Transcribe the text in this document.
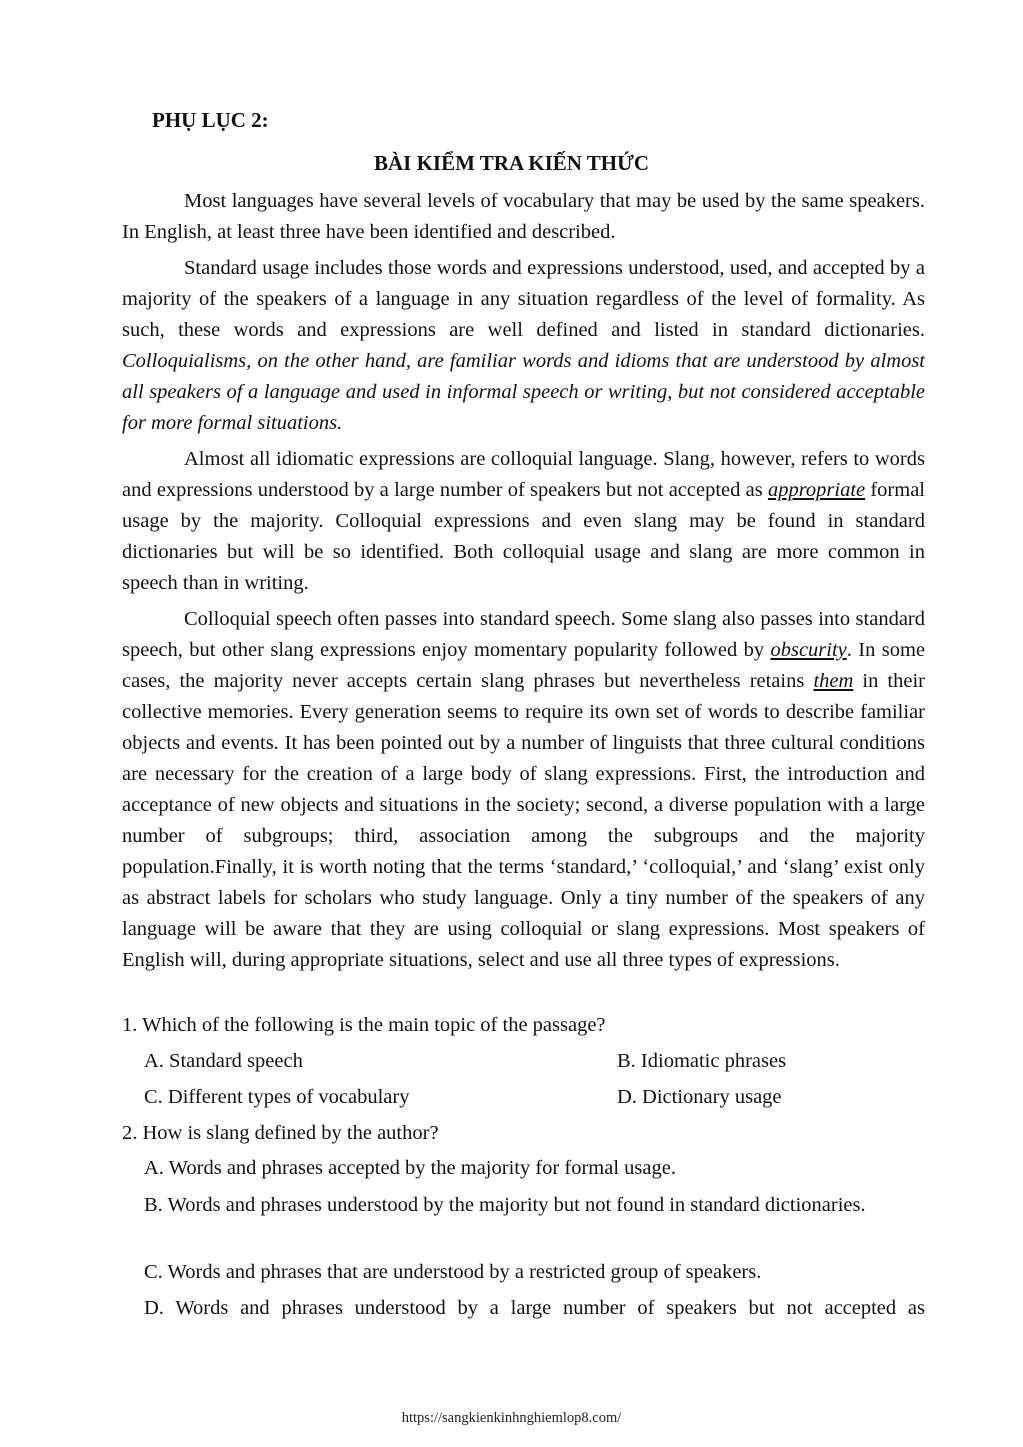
PHỤ LỤC 2:
BÀI KIỂM TRA KIẾN THỨC

Most languages have several levels of vocabulary that may be used by the same speakers. In English, at least three have been identified and described.

Standard usage includes those words and expressions understood, used, and accepted by a majority of the speakers of a language in any situation regardless of the level of formality. As such, these words and expressions are well defined and listed in standard dictionaries. Colloquialisms, on the other hand, are familiar words and idioms that are understood by almost all speakers of a language and used in informal speech or writing, but not considered acceptable for more formal situations.

Almost all idiomatic expressions are colloquial language. Slang, however, refers to words and expressions understood by a large number of speakers but not accepted as appropriate formal usage by the majority. Colloquial expressions and even slang may be found in standard dictionaries but will be so identified. Both colloquial usage and slang are more common in speech than in writing.

Colloquial speech often passes into standard speech. Some slang also passes into standard speech, but other slang expressions enjoy momentary popularity followed by obscurity. In some cases, the majority never accepts certain slang phrases but nevertheless retains them in their collective memories. Every generation seems to require its own set of words to describe familiar objects and events. It has been pointed out by a number of linguists that three cultural conditions are necessary for the creation of a large body of slang expressions. First, the introduction and acceptance of new objects and situations in the society; second, a diverse population with a large number of subgroups; third, association among the subgroups and the majority population.Finally, it is worth noting that the terms ‘standard,’ ‘colloquial,’ and ‘slang’ exist only as abstract labels for scholars who study language. Only a tiny number of the speakers of any language will be aware that they are using colloquial or slang expressions. Most speakers of English will, during appropriate situations, select and use all three types of expressions.

1. Which of the following is the main topic of the passage?
A. Standard speech	B. Idiomatic phrases
C. Different types of vocabulary	D. Dictionary usage
2. How is slang defined by the author?
A. Words and phrases accepted by the majority for formal usage.
B. Words and phrases understood by the majority but not found in standard dictionaries.
C. Words and phrases that are understood by a restricted group of speakers.
D. Words and phrases understood by a large number of speakers but not accepted as
https://sangkienkinhnghiemlop8.com/
